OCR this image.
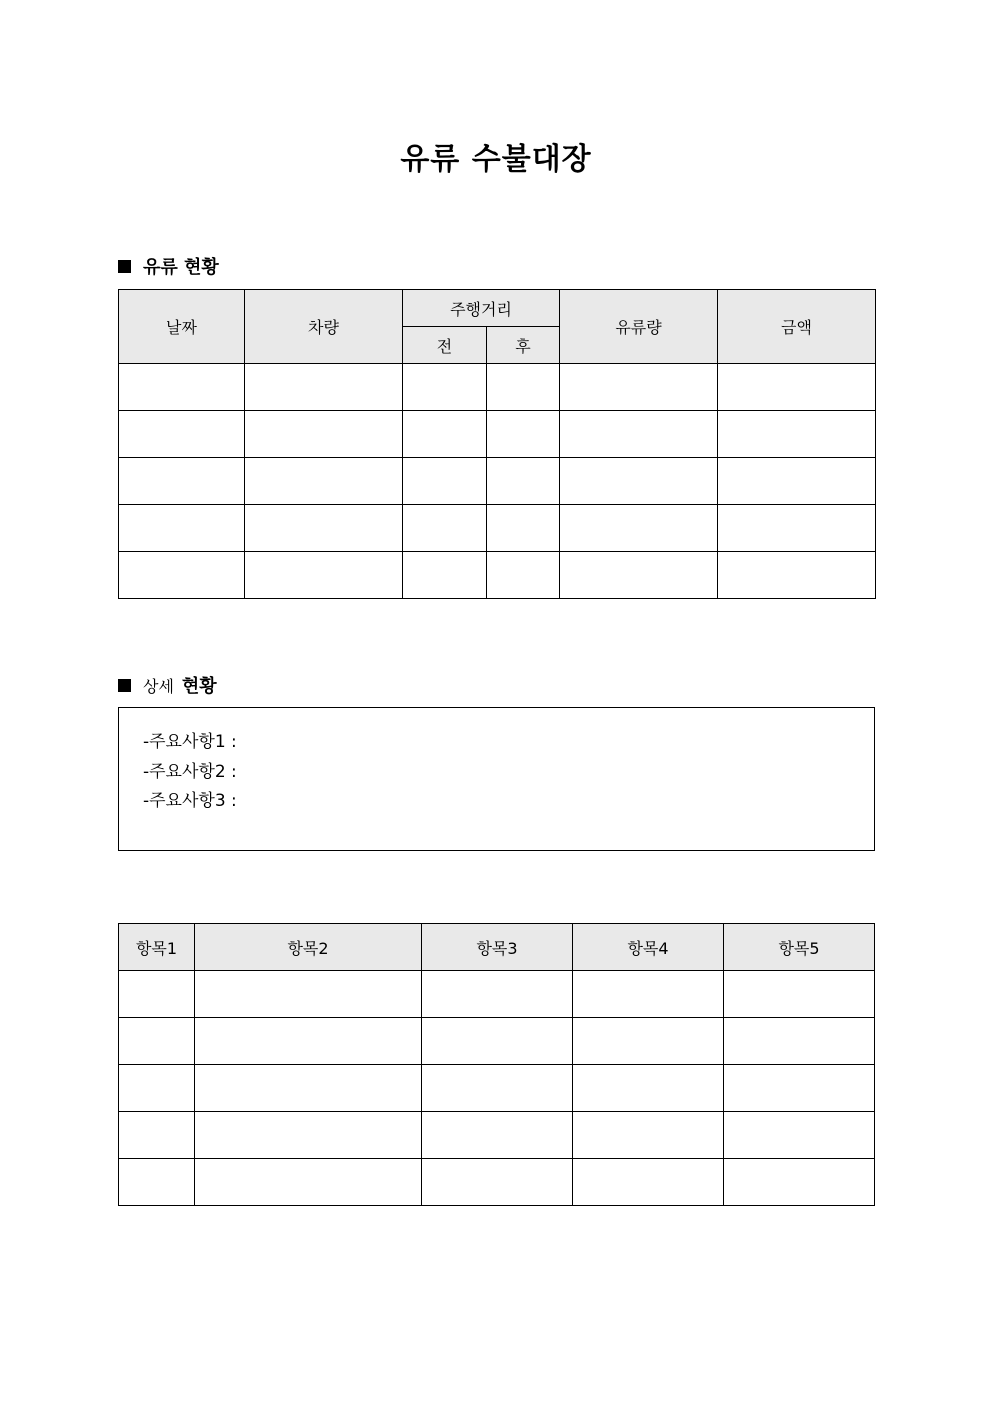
유류 수불대장
유류 현황
날짜	차량	주행거리		유류량	금액
		전	후		

상세 현황
-주요사항1 :
-주요사항2 :
-주요사항3 :
항목1	항목2	항목3	항목4	항목5
